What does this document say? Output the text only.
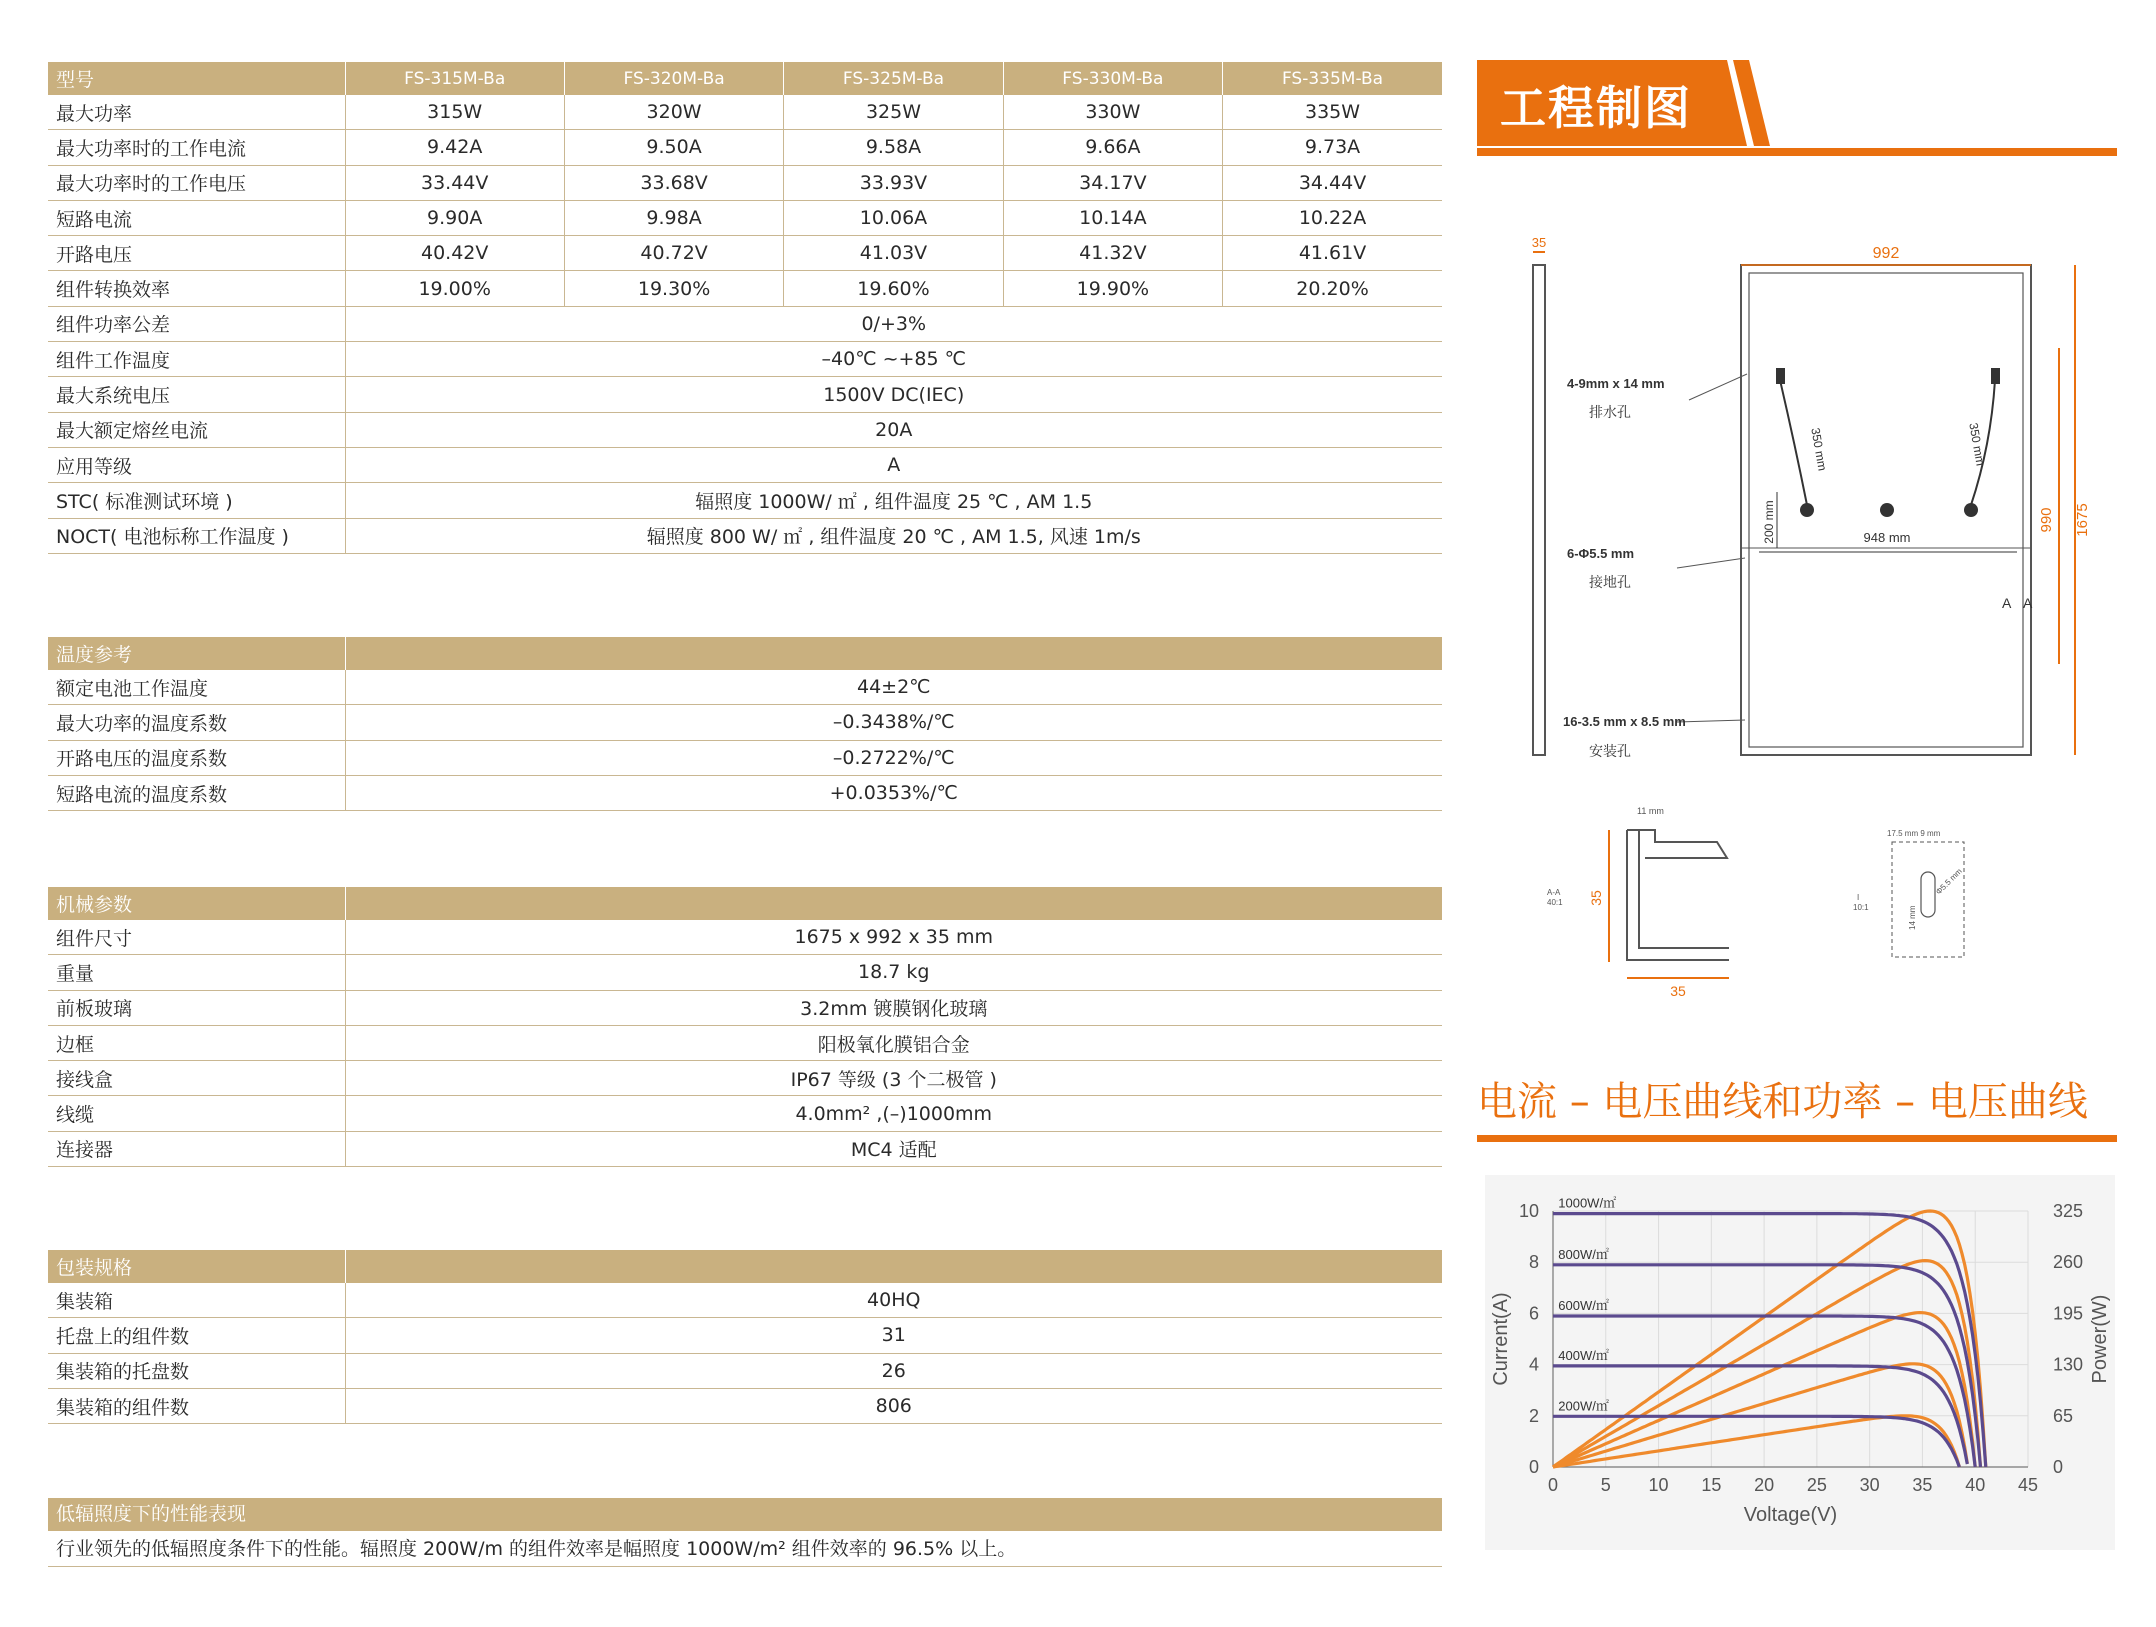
型号	FS-315M-Ba	FS-320M-Ba	FS-325M-Ba	FS-330M-Ba	FS-335M-Ba
最大功率	315W	320W	325W	330W	335W
最大功率时的工作电流	9.42A	9.50A	9.58A	9.66A	9.73A
最大功率时的工作电压	33.44V	33.68V	33.93V	34.17V	34.44V
短路电流	9.90A	9.98A	10.06A	10.14A	10.22A
开路电压	40.42V	40.72V	41.03V	41.32V	41.61V
组件转换效率	19.00%	19.30%	19.60%	19.90%	20.20%
组件功率公差	0/+3%				
组件工作温度	–40℃ ~+85 ℃				
最大系统电压	1500V DC(IEC)				
最大额定熔丝电流	20A				
应用等级	A				
STC( 标准测试环境 )	辐照度 1000W/ ㎡ , 组件温度 25 ℃ , AM 1.5				
NOCT( 电池标称工作温度 )	辐照度 800 W/ ㎡ , 组件温度 20 ℃ , AM 1.5, 风速 1m/s				
温度参考	
额定电池工作温度	44±2℃
最大功率的温度系数	–0.3438%/℃
开路电压的温度系数	–0.2722%/℃
短路电流的温度系数	+0.0353%/℃
机械参数	
组件尺寸	1675 x 992 x 35 mm
重量	18.7 kg
前板玻璃	3.2mm 镀膜钢化玻璃
边框	阳极氧化膜铝合金
接线盒	IP67 等级 (3 个二极管 )
线缆	4.0mm² ,(–)1000mm
连接器	MC4 适配
包装规格	
集装箱	40HQ
托盘上的组件数	31
集装箱的托盘数	26
集装箱的组件数	806
低辐照度下的性能表现
行业领先的低辐照度条件下的性能。辐照度 200W/m 的组件效率是幅照度 1000W/m² 组件效率的 96.5% 以上。
工程制图
35
992
1675
990
350 mm	350 mm
200 mm	948 mm
A A
4-9mm x 14 mm
排水孔
6-Φ5.5 mm
接地孔
16-3.5 mm x 8.5 mm
安装孔
35
35
11 mm
A-A
40:1
17.5 mm 9 mm
14 mm
Φ5.5 mm
I
10:1
电流 – 电压曲线和功率 – 电压曲线
0 5 10 15 20 25 30 35 40 45
0
2
4
6
8
10
0
65
130
195
260
325
Voltage(V)
Current(A)	Power(W)
1000W/㎡
800W/㎡
600W/㎡
400W/㎡
200W/㎡
